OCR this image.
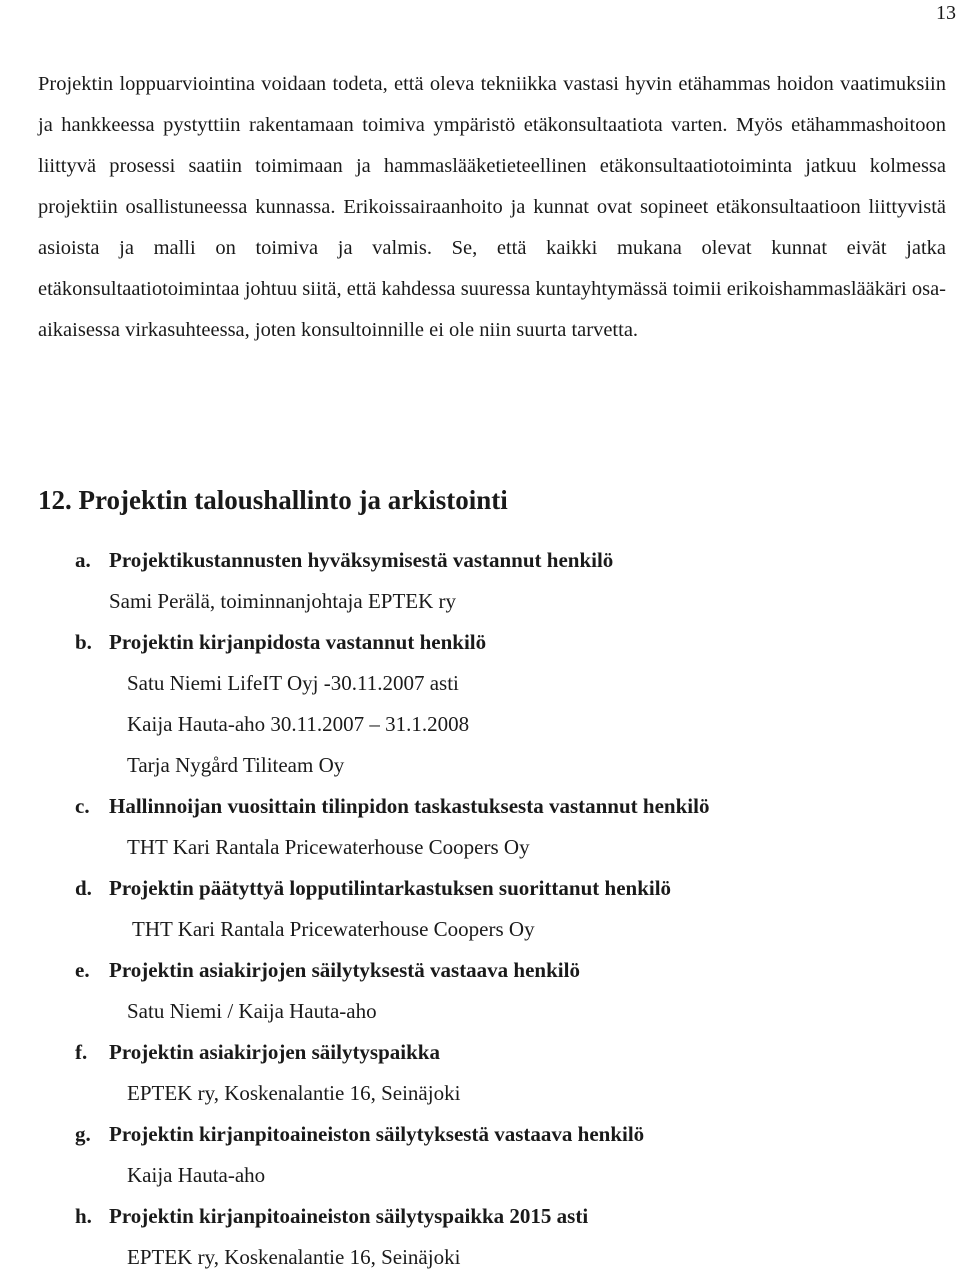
13

Projektin loppuarviointina voidaan todeta, että oleva tekniikka vastasi hyvin etähammas hoidon vaatimuksiin ja hankkeessa pystyttiin rakentamaan toimiva ympäristö etäkonsultaatiota varten. Myös etähammashoitoon liittyvä prosessi saatiin toimimaan ja hammaslääketieteellinen etäkonsultaatiotoiminta jatkuu kolmessa projektiin osallistuneessa kunnassa. Erikoissairaanhoito ja kunnat ovat sopineet etäkonsultaatioon liittyvistä asioista ja malli on toimiva ja valmis. Se, että kaikki mukana olevat kunnat eivät jatka etäkonsultaatiotoimintaa johtuu siitä, että kahdessa suuressa kuntayhtymässä toimii erikoishammaslääkäri osa-aikaisessa virkasuhteessa, joten konsultoinnille ei ole niin suurta tarvetta.

12. Projektin taloushallinto ja arkistointi
a. Projektikustannusten hyväksymisestä vastannut henkilö
Sami Perälä, toiminnanjohtaja EPTEK ry
b. Projektin kirjanpidosta vastannut henkilö
Satu Niemi LifeIT Oyj -30.11.2007 asti
Kaija Hauta-aho 30.11.2007 – 31.1.2008
Tarja Nygård Tiliteam Oy
c. Hallinnoijan vuosittain tilinpidon taskastuksesta vastannut henkilö
THT Kari Rantala Pricewaterhouse Coopers Oy
d. Projektin päätyttyä lopputilintarkastuksen suorittanut henkilö
THT Kari Rantala Pricewaterhouse Coopers Oy
e. Projektin asiakirjojen säilytyksestä vastaava henkilö
Satu Niemi / Kaija Hauta-aho
f. Projektin asiakirjojen säilytyspaikka
EPTEK ry, Koskenalantie 16, Seinäjoki
g. Projektin kirjanpitoaineiston säilytyksestä vastaava henkilö
Kaija Hauta-aho
h. Projektin kirjanpitoaineiston säilytyspaikka 2015 asti
EPTEK ry, Koskenalantie 16, Seinäjoki
